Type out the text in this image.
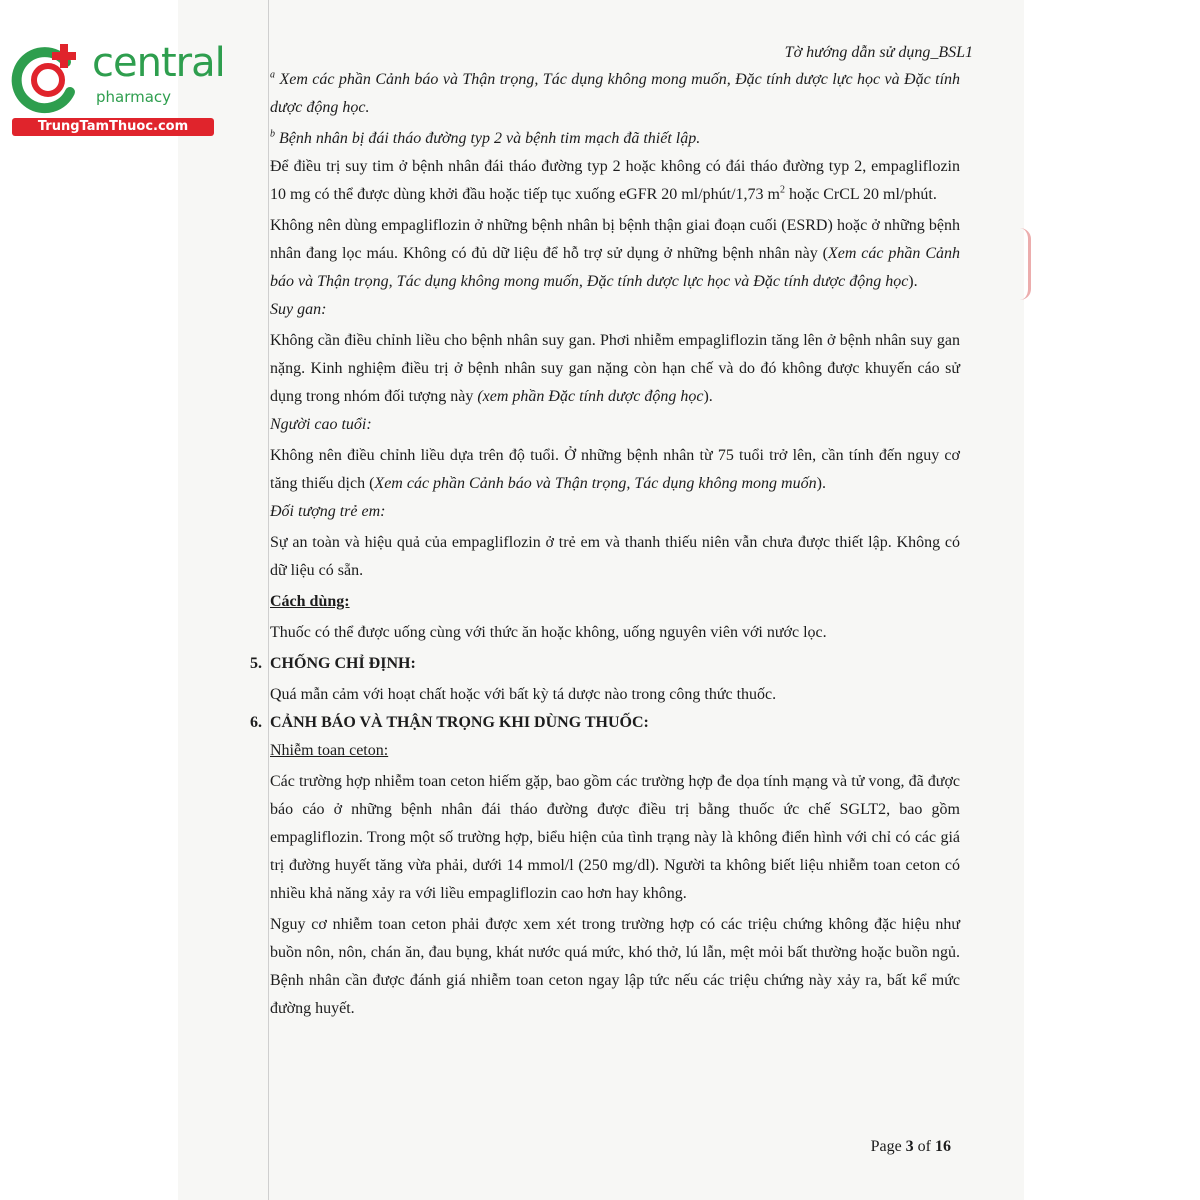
central
pharmacy
TrungTamThuoc.com
Tờ hướng dẫn sử dụng_BSL1

$^a$ Xem các phần Cảnh báo và Thận trọng, Tác dụng không mong muốn, Đặc tính dược lực học và Đặc tính dược động học.

$^b$ Bệnh nhân bị đái tháo đường typ 2 và bệnh tim mạch đã thiết lập.

Để điều trị suy tim ở bệnh nhân đái tháo đường typ 2 hoặc không có đái tháo đường typ 2, empagliflozin 10 mg có thể được dùng khởi đầu hoặc tiếp tục xuống eGFR 20 ml/phút/1,73 $m^2$ hoặc CrCL 20 ml/phút.

Không nên dùng empagliflozin ở những bệnh nhân bị bệnh thận giai đoạn cuối (ESRD) hoặc ở những bệnh nhân đang lọc máu. Không có đủ dữ liệu để hỗ trợ sử dụng ở những bệnh nhân này (Xem các phần Cảnh báo và Thận trọng, Tác dụng không mong muốn, Đặc tính dược lực học và Đặc tính dược động học).

Suy gan:

Không cần điều chỉnh liều cho bệnh nhân suy gan. Phơi nhiễm empagliflozin tăng lên ở bệnh nhân suy gan nặng. Kinh nghiệm điều trị ở bệnh nhân suy gan nặng còn hạn chế và do đó không được khuyến cáo sử dụng trong nhóm đối tượng này (xem phần Đặc tính dược động học).

Người cao tuổi:

Không nên điều chỉnh liều dựa trên độ tuổi. Ở những bệnh nhân từ 75 tuổi trở lên, cần tính đến nguy cơ tăng thiếu dịch (Xem các phần Cảnh báo và Thận trọng, Tác dụng không mong muốn).

Đối tượng trẻ em:

Sự an toàn và hiệu quả của empagliflozin ở trẻ em và thanh thiếu niên vẫn chưa được thiết lập. Không có dữ liệu có sẵn.

Cách dùng:

Thuốc có thể được uống cùng với thức ăn hoặc không, uống nguyên viên với nước lọc.

5. CHỐNG CHỈ ĐỊNH:

Quá mẫn cảm với hoạt chất hoặc với bất kỳ tá dược nào trong công thức thuốc.

6. CẢNH BÁO VÀ THẬN TRỌNG KHI DÙNG THUỐC:

Nhiễm toan ceton:

Các trường hợp nhiễm toan ceton hiếm gặp, bao gồm các trường hợp đe dọa tính mạng và tử vong, đã được báo cáo ở những bệnh nhân đái tháo đường được điều trị bằng thuốc ức chế SGLT2, bao gồm empagliflozin. Trong một số trường hợp, biểu hiện của tình trạng này là không điển hình với chỉ có các giá trị đường huyết tăng vừa phải, dưới 14 mmol/l (250 mg/dl). Người ta không biết liệu nhiễm toan ceton có nhiều khả năng xảy ra với liều empagliflozin cao hơn hay không.

Nguy cơ nhiễm toan ceton phải được xem xét trong trường hợp có các triệu chứng không đặc hiệu như buồn nôn, nôn, chán ăn, đau bụng, khát nước quá mức, khó thở, lú lẫn, mệt mỏi bất thường hoặc buồn ngủ. Bệnh nhân cần được đánh giá nhiễm toan ceton ngay lập tức nếu các triệu chứng này xảy ra, bất kể mức đường huyết.

Page 3 of 16
